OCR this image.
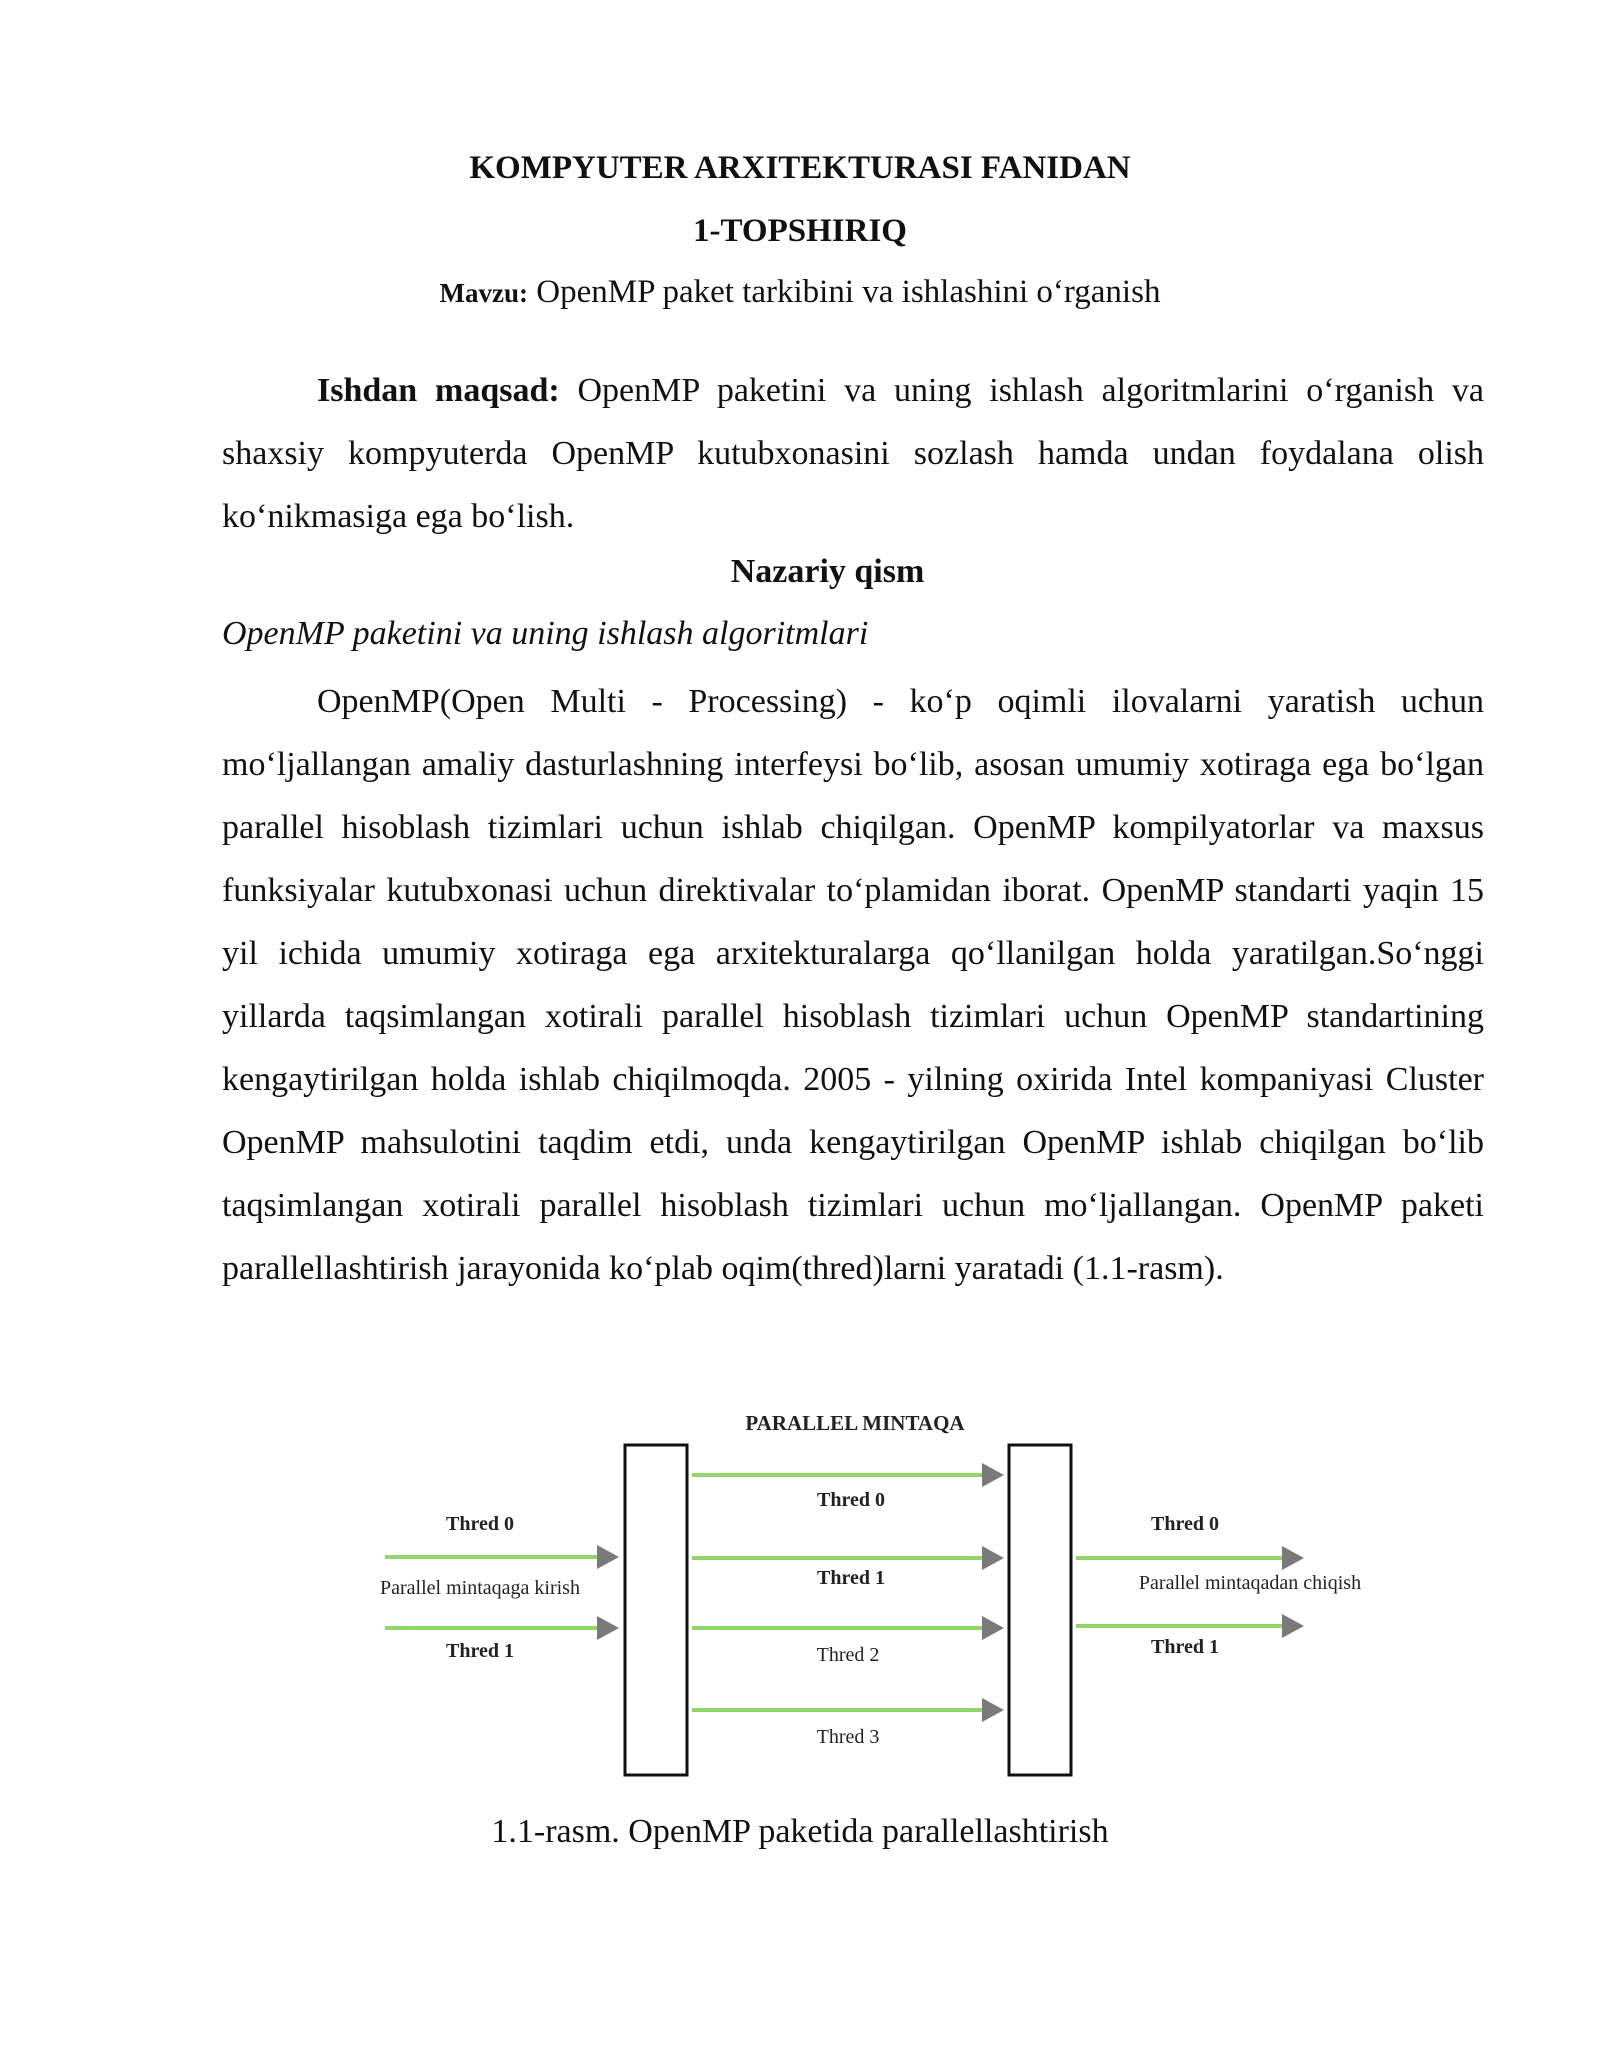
KOMPYUTER ARXITEKTURASI FANIDAN

1-TOPSHIRIQ

Mavzu: OpenMP paket tarkibini va ishlashini o‘rganish

Ishdan maqsad: OpenMP paketini va uning ishlash algoritmlarini o‘rganish va shaxsiy kompyuterda OpenMP kutubxonasini sozlash hamda undan foydalana olish ko‘nikmasiga ega bo‘lish.

Nazariy qism

OpenMP paketini va uning ishlash algoritmlari

OpenMP(Open Multi - Processing) - ko‘p oqimli ilovalarni yaratish uchun mo‘ljallangan amaliy dasturlashning interfeysi bo‘lib, asosan umumiy xotiraga ega bo‘lgan parallel hisoblash tizimlari uchun ishlab chiqilgan. OpenMP kompilyatorlar va maxsus funksiyalar kutubxonasi uchun direktivalar to‘plamidan iborat. OpenMP standarti yaqin 15 yil ichida umumiy xotiraga ega arxitekturalarga qo‘llanilgan holda yaratilgan.So‘nggi yillarda taqsimlangan xotirali parallel hisoblash tizimlari uchun OpenMP standartining kengaytirilgan holda ishlab chiqilmoqda. 2005 - yilning oxirida Intel kompaniyasi Cluster OpenMP mahsulotini taqdim etdi, unda kengaytirilgan OpenMP ishlab chiqilgan bo‘lib taqsimlangan xotirali parallel hisoblash tizimlari uchun mo‘ljallangan. OpenMP paketi parallellashtirish jarayonida ko‘plab oqim(thred)larni yaratadi (1.1-rasm).

PARALLEL MINTAQA
Thred 0
Parallel mintaqaga kirish
Thred 1
Thred 0
Thred 1
Thred 2
Thred 3
Thred 0
Parallel mintaqadan chiqish
Thred 1

1.1-rasm. OpenMP paketida parallellashtirish
